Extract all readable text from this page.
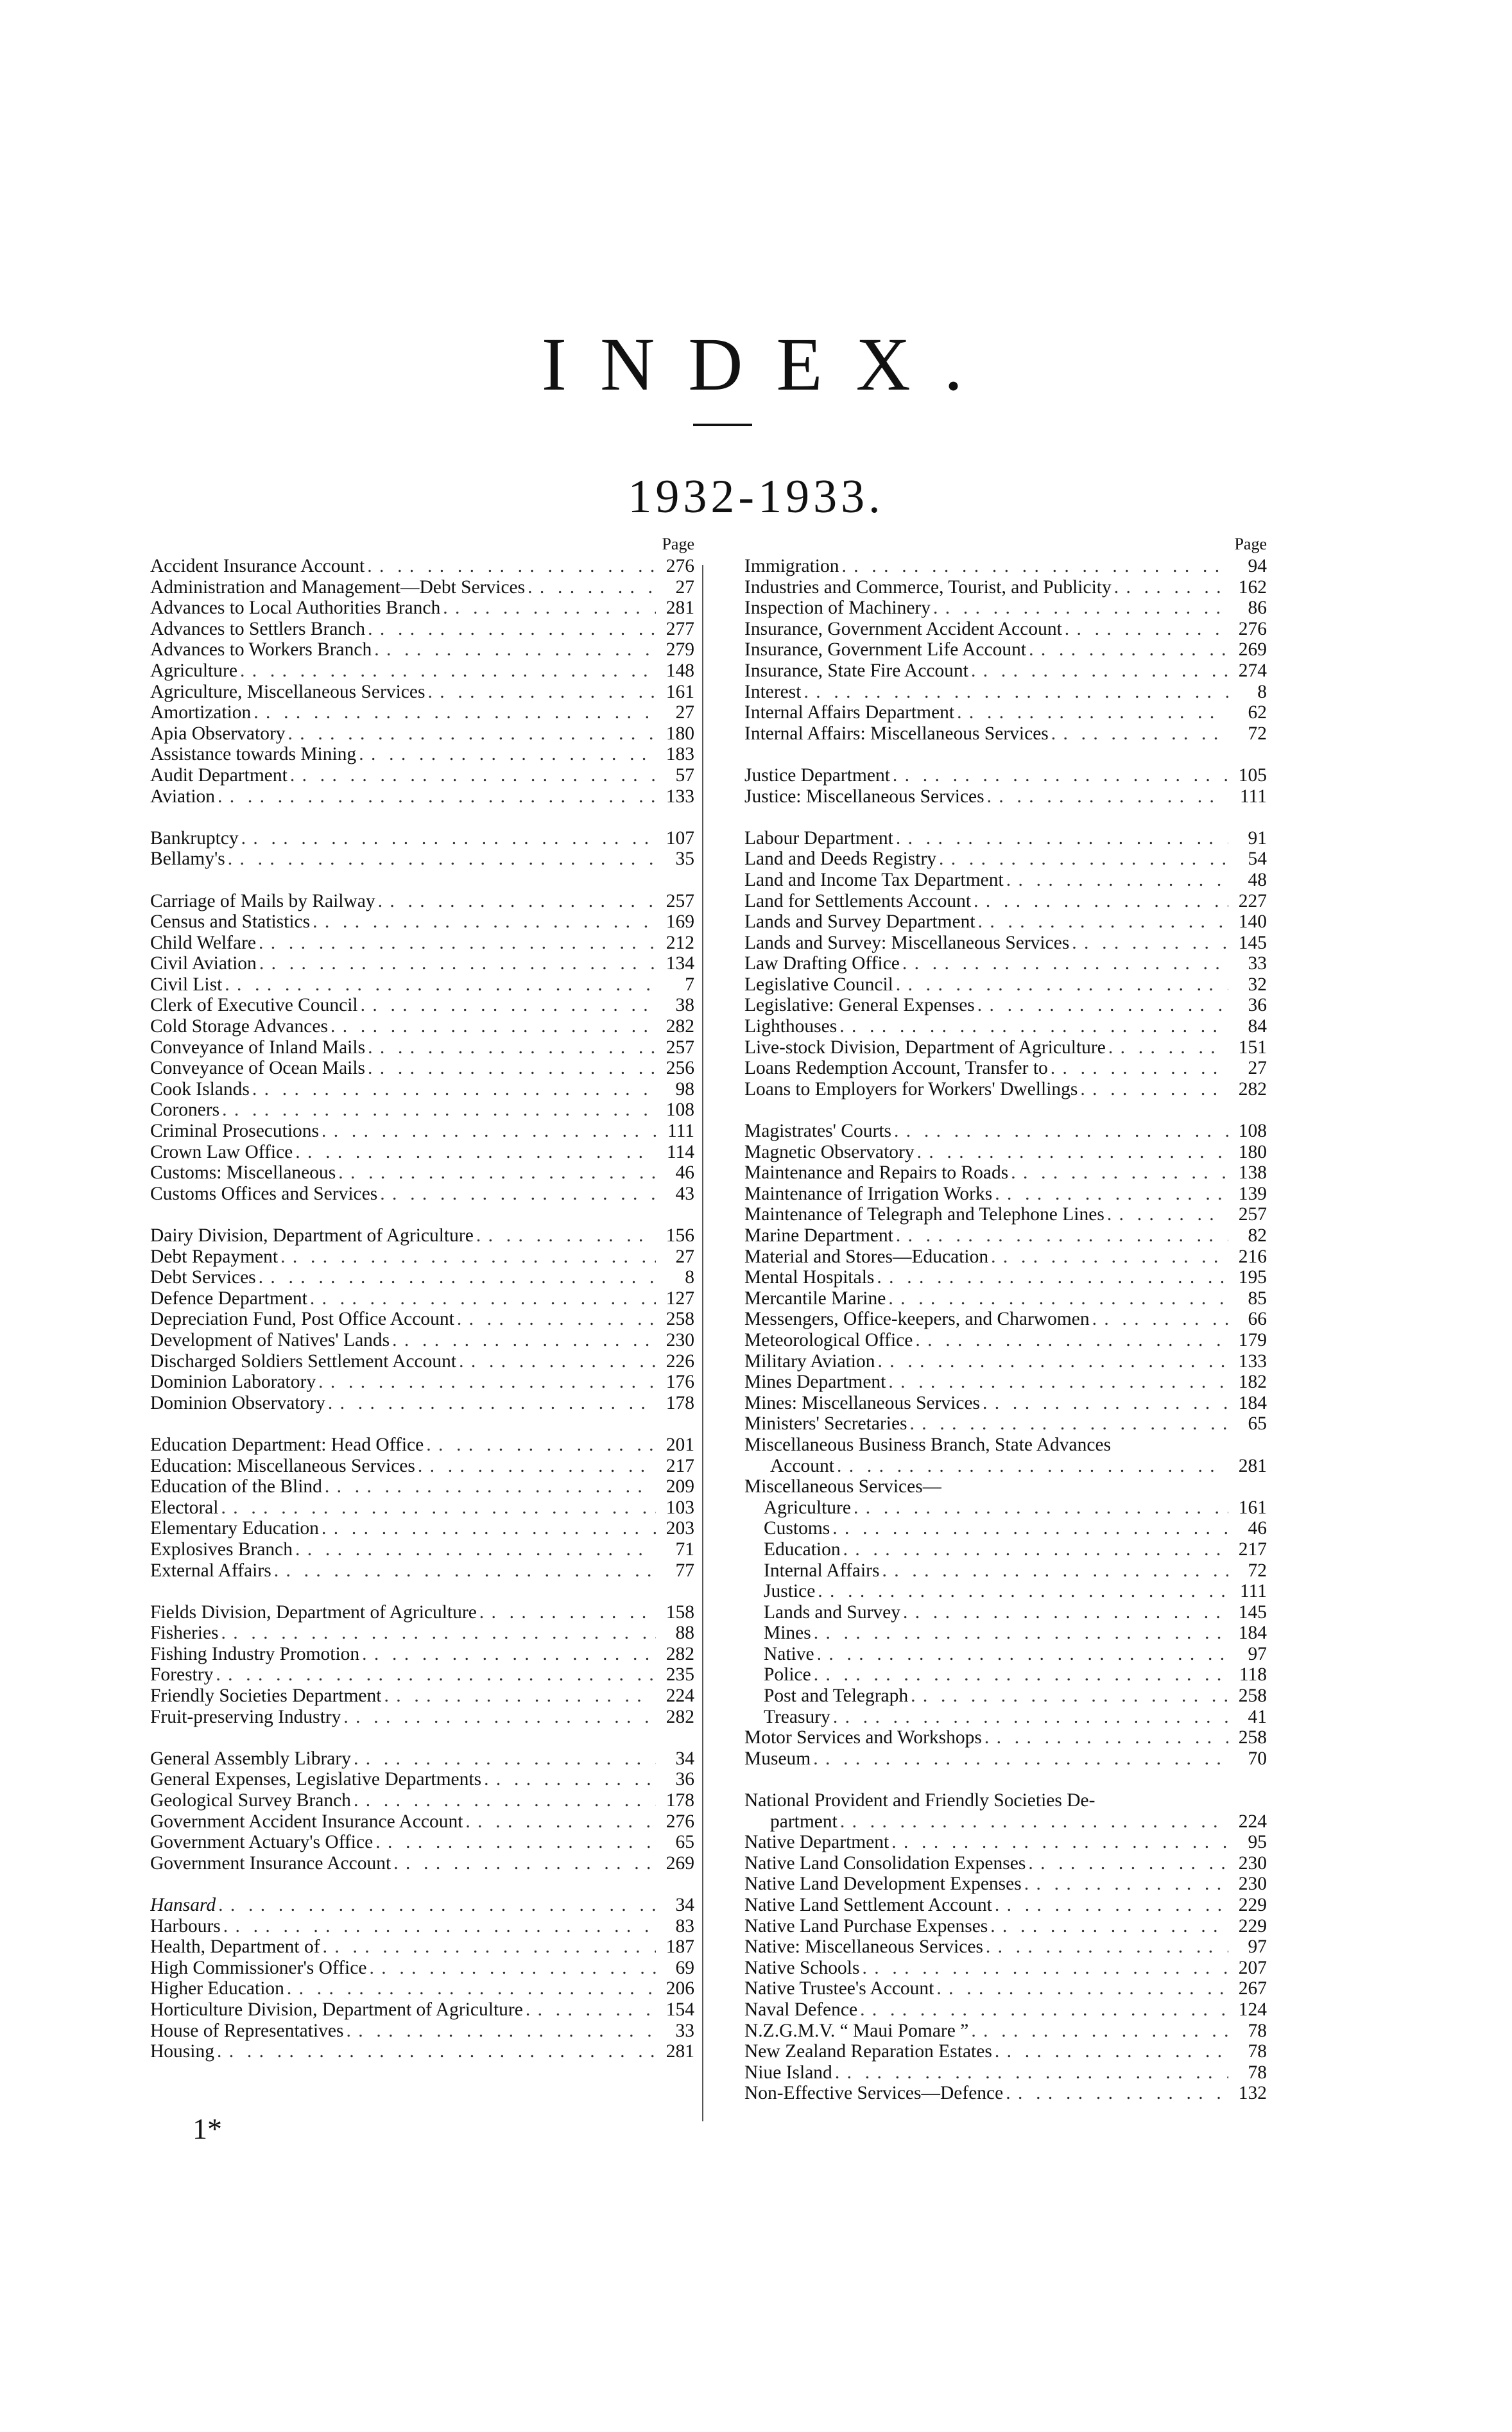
INDEX.
1932-1933.
Page
Accident Insurance Account . .	276
Administration and Management—Debt Services . .	27
Advances to Local Authorities Branch . .	281
Advances to Settlers Branch . .	277
Advances to Workers Branch . .	279
Agriculture . .	148
Agriculture, Miscellaneous Services . .	161
Amortization . .	27
Apia Observatory . .	180
Assistance towards Mining . .	183
Audit Department . .	57
Aviation . .	133
Bankruptcy . .	107
Bellamy's . .	35
Carriage of Mails by Railway . .	257
Census and Statistics . .	169
Child Welfare . .	212
Civil Aviation . .	134
Civil List . .	7
Clerk of Executive Council . .	38
Cold Storage Advances . .	282
Conveyance of Inland Mails . .	257
Conveyance of Ocean Mails . .	256
Cook Islands . .	98
Coroners . .	108
Criminal Prosecutions . .	111
Crown Law Office . .	114
Customs: Miscellaneous . .	46
Customs Offices and Services . .	43
Dairy Division, Department of Agriculture . .	156
Debt Repayment . .	27
Debt Services . .	8
Defence Department . .	127
Depreciation Fund, Post Office Account . .	258
Development of Natives' Lands . .	230
Discharged Soldiers Settlement Account . .	226
Dominion Laboratory . .	176
Dominion Observatory . .	178
Education Department: Head Office . .	201
Education: Miscellaneous Services . .	217
Education of the Blind . .	209
Electoral . .	103
Elementary Education . .	203
Explosives Branch . .	71
External Affairs . .	77
Fields Division, Department of Agriculture . .	158
Fisheries . .	88
Fishing Industry Promotion . .	282
Forestry . .	235
Friendly Societies Department . .	224
Fruit-preserving Industry . .	282
General Assembly Library . .	34
General Expenses, Legislative Departments . .	36
Geological Survey Branch . .	178
Government Accident Insurance Account . .	276
Government Actuary's Office . .	65
Government Insurance Account . .	269
Hansard . .	34
Harbours . .	83
Health, Department of . .	187
High Commissioner's Office . .	69
Higher Education . .	206
Horticulture Division, Department of Agriculture . .	154
House of Representatives . .	33
Housing . .	281
Page
Immigration . .	94
Industries and Commerce, Tourist, and Publicity . .	162
Inspection of Machinery . .	86
Insurance, Government Accident Account . .	276
Insurance, Government Life Account . .	269
Insurance, State Fire Account . .	274
Interest . .	8
Internal Affairs Department . .	62
Internal Affairs: Miscellaneous Services . .	72
Justice Department . .	105
Justice: Miscellaneous Services . .	111
Labour Department . .	91
Land and Deeds Registry . .	54
Land and Income Tax Department . .	48
Land for Settlements Account . .	227
Lands and Survey Department . .	140
Lands and Survey: Miscellaneous Services . .	145
Law Drafting Office . .	33
Legislative Council . .	32
Legislative: General Expenses . .	36
Lighthouses . .	84
Live-stock Division, Department of Agriculture . .	151
Loans Redemption Account, Transfer to . .	27
Loans to Employers for Workers' Dwellings . .	282
Magistrates' Courts . .	108
Magnetic Observatory . .	180
Maintenance and Repairs to Roads . .	138
Maintenance of Irrigation Works . .	139
Maintenance of Telegraph and Telephone Lines . .	257
Marine Department . .	82
Material and Stores—Education . .	216
Mental Hospitals . .	195
Mercantile Marine . .	85
Messengers, Office-keepers, and Charwomen . .	66
Meteorological Office . .	179
Military Aviation . .	133
Mines Department . .	182
Mines: Miscellaneous Services . .	184
Ministers' Secretaries . .	65
Miscellaneous Business Branch, State Advances
Account . .	281
Miscellaneous Services—
Agriculture . .	161
Customs . .	46
Education . .	217
Internal Affairs . .	72
Justice . .	111
Lands and Survey . .	145
Mines . .	184
Native . .	97
Police . .	118
Post and Telegraph . .	258
Treasury . .	41
Motor Services and Workshops . .	258
Museum . .	70
National Provident and Friendly Societies De-
partment . .	224
Native Department . .	95
Native Land Consolidation Expenses . .	230
Native Land Development Expenses . .	230
Native Land Settlement Account . .	229
Native Land Purchase Expenses . .	229
Native: Miscellaneous Services . .	97
Native Schools . .	207
Native Trustee's Account . .	267
Naval Defence . .	124
N.Z.G.M.V. “ Maui Pomare ” . .	78
New Zealand Reparation Estates . .	78
Niue Island . .	78
Non-Effective Services—Defence . .	132
1*
